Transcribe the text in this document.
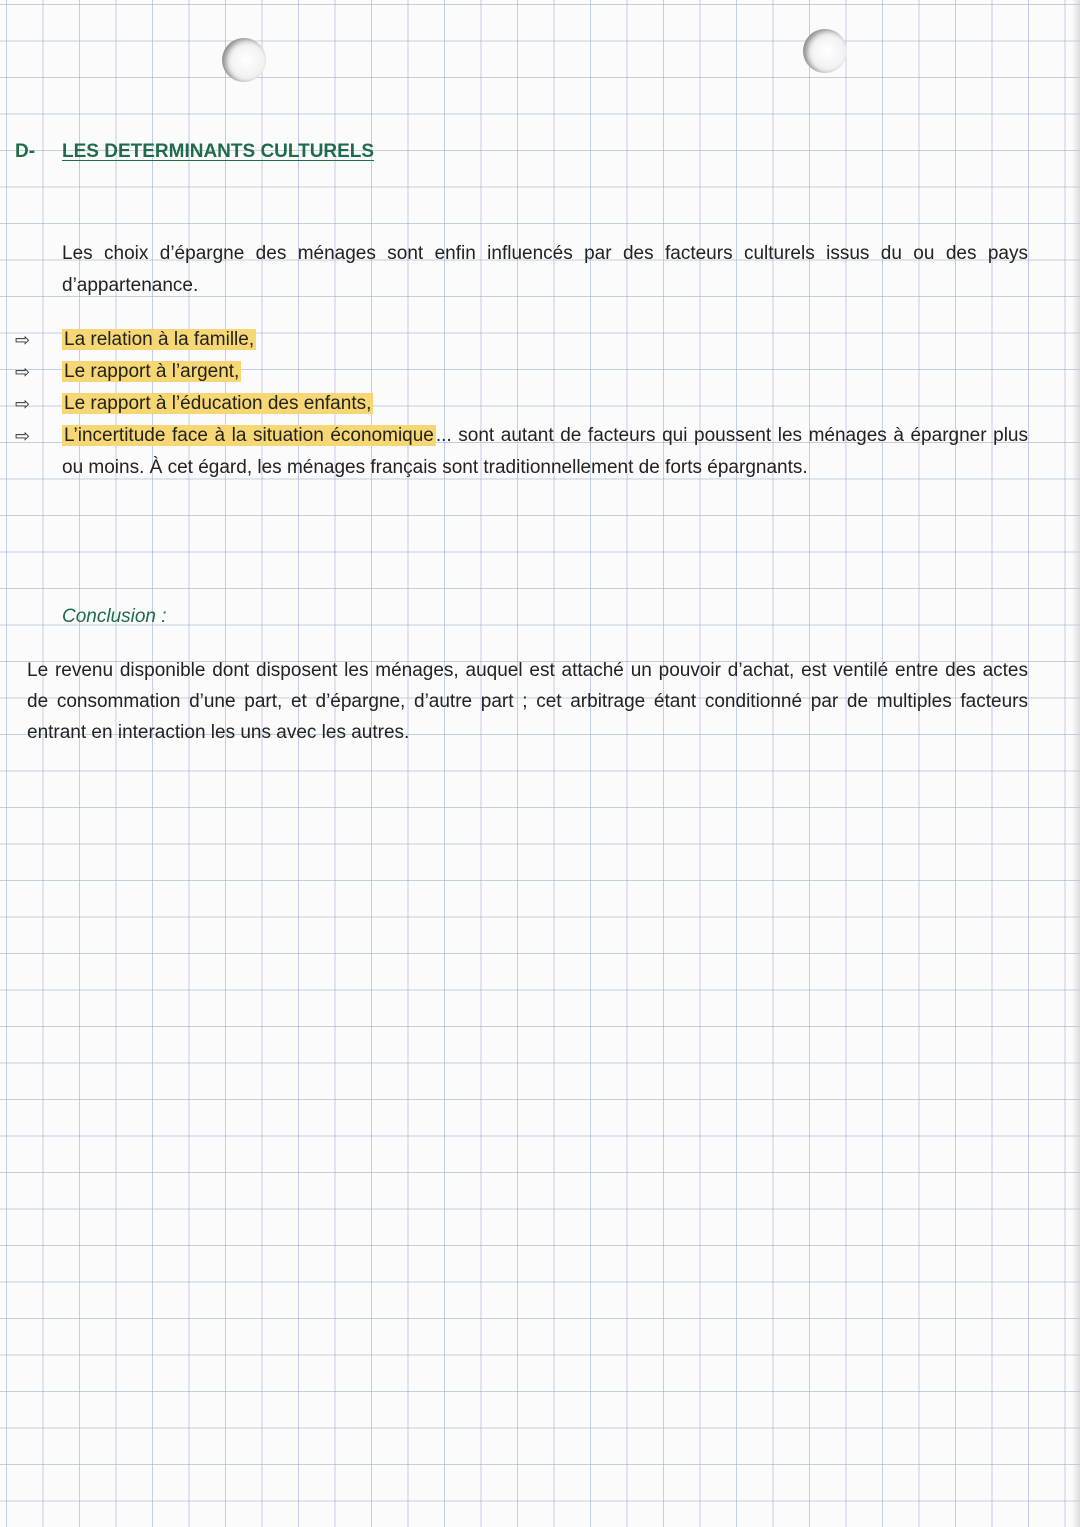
D- LES DETERMINANTS CULTURELS

Les choix d’épargne des ménages sont enfin influencés par des facteurs culturels issus du ou des pays d’appartenance.

⇨ La relation à la famille,
⇨ Le rapport à l’argent,
⇨ Le rapport à l’éducation des enfants,
⇨ L’incertitude face à la situation économique ... sont autant de facteurs qui poussent les ménages à épargner plus ou moins. À cet égard, les ménages français sont traditionnellement de forts épargnants.
Conclusion :

Le revenu disponible dont disposent les ménages, auquel est attaché un pouvoir d’achat, est ventilé entre des actes de consommation d’une part, et d’épargne, d’autre part ; cet arbitrage étant conditionné par de multiples facteurs entrant en interaction les uns avec les autres.
